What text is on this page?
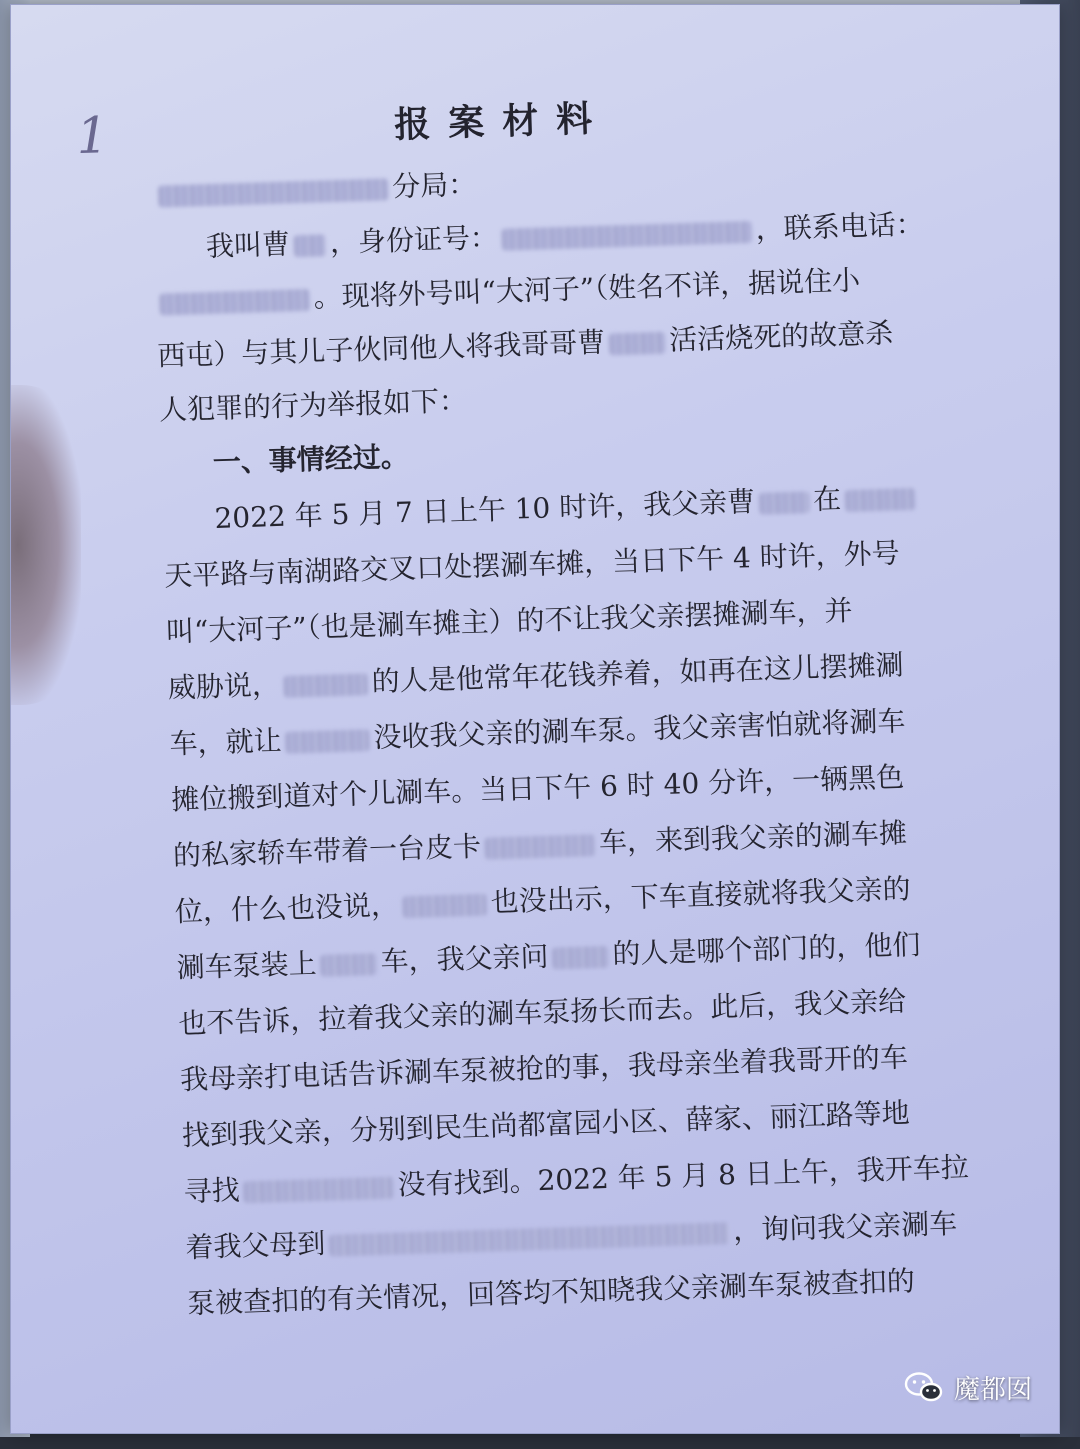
1	报案材料
分局：
我叫曹 ，身份证号：	，联系电话：
。现将外号叫“大河子”（姓名不详，据说住小
西屯）与其儿子伙同他人将我哥哥曹 活活烧死的故意杀
人犯罪的行为举报如下：
一、事情经过。
2022 年 5 月 7 日上午 10 时许，我父亲曹 在
天平路与南湖路交叉口处摆涮车摊，当日下午 4 时许，外号
叫“大河子”（也是涮车摊主）的不让我父亲摆摊涮车，并
威胁说，	的人是他常年花钱养着，如再在这儿摆摊涮
车，就让	没收我父亲的涮车泵。我父亲害怕就将涮车
摊位搬到道对个儿涮车。当日下午 6 时 40 分许，一辆黑色
的私家轿车带着一台皮卡	车，来到我父亲的涮车摊
位，什么也没说，	也没出示，下车直接就将我父亲的
涮车泵装上 车，我父亲问 的人是哪个部门的，他们
也不告诉，拉着我父亲的涮车泵扬长而去。此后，我父亲给
我母亲打电话告诉涮车泵被抢的事，我母亲坐着我哥开的车
找到我父亲，分别到民生尚都富园小区、薛家、丽江路等地
寻找	没有找到。2022 年 5 月 8 日上午，我开车拉
着我父母到	，询问我父亲涮车
泵被查扣的有关情况，回答均不知晓我父亲涮车泵被查扣的
魔都囡
